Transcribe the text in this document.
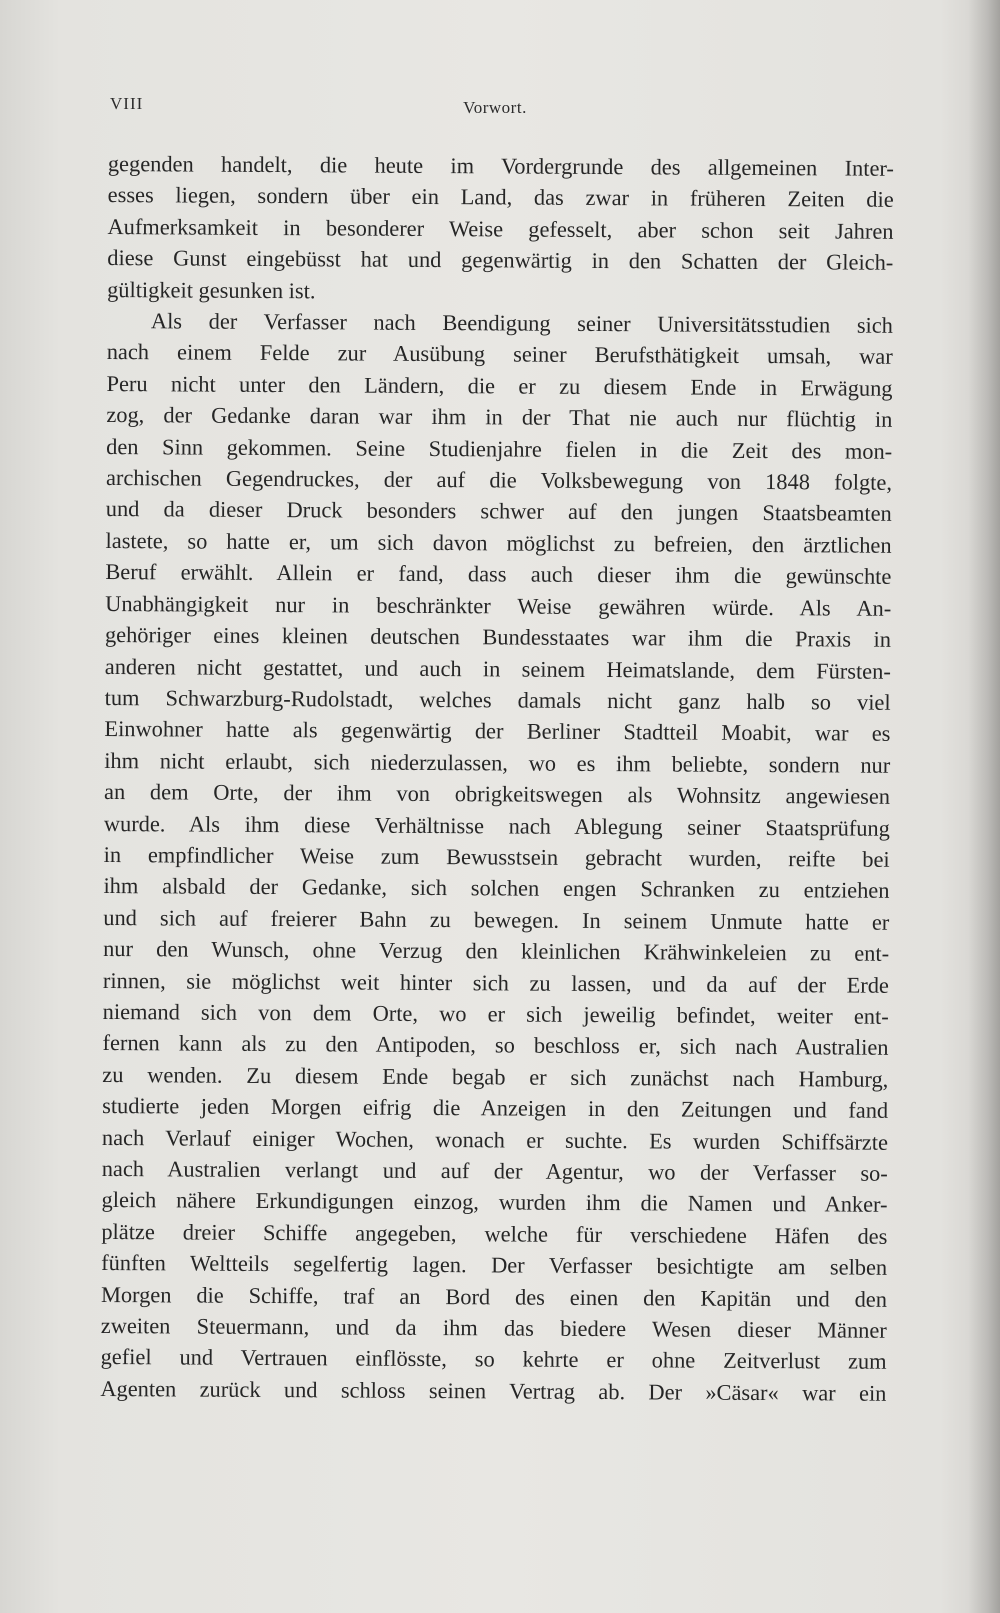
VIII	Vorwort.
gegenden handelt, die heute im Vordergrunde des allgemeinen Inter-
esses liegen, sondern über ein Land, das zwar in früheren Zeiten die
Aufmerksamkeit in besonderer Weise gefesselt, aber schon seit Jahren
diese Gunst eingebüsst hat und gegenwärtig in den Schatten der Gleich-
gültigkeit gesunken ist.
Als der Verfasser nach Beendigung seiner Universitätsstudien sich
nach einem Felde zur Ausübung seiner Berufsthätigkeit umsah, war
Peru nicht unter den Ländern, die er zu diesem Ende in Erwägung
zog, der Gedanke daran war ihm in der That nie auch nur flüchtig in
den Sinn gekommen. Seine Studienjahre fielen in die Zeit des mon-
archischen Gegendruckes, der auf die Volksbewegung von 1848 folgte,
und da dieser Druck besonders schwer auf den jungen Staatsbeamten
lastete, so hatte er, um sich davon möglichst zu befreien, den ärztlichen
Beruf erwählt. Allein er fand, dass auch dieser ihm die gewünschte
Unabhängigkeit nur in beschränkter Weise gewähren würde. Als An-
gehöriger eines kleinen deutschen Bundesstaates war ihm die Praxis in
anderen nicht gestattet, und auch in seinem Heimatslande, dem Fürsten-
tum Schwarzburg-Rudolstadt, welches damals nicht ganz halb so viel
Einwohner hatte als gegenwärtig der Berliner Stadtteil Moabit, war es
ihm nicht erlaubt, sich niederzulassen, wo es ihm beliebte, sondern nur
an dem Orte, der ihm von obrigkeitswegen als Wohnsitz angewiesen
wurde. Als ihm diese Verhältnisse nach Ablegung seiner Staatsprüfung
in empfindlicher Weise zum Bewusstsein gebracht wurden, reifte bei
ihm alsbald der Gedanke, sich solchen engen Schranken zu entziehen
und sich auf freierer Bahn zu bewegen. In seinem Unmute hatte er
nur den Wunsch, ohne Verzug den kleinlichen Krähwinkeleien zu ent-
rinnen, sie möglichst weit hinter sich zu lassen, und da auf der Erde
niemand sich von dem Orte, wo er sich jeweilig befindet, weiter ent-
fernen kann als zu den Antipoden, so beschloss er, sich nach Australien
zu wenden. Zu diesem Ende begab er sich zunächst nach Hamburg,
studierte jeden Morgen eifrig die Anzeigen in den Zeitungen und fand
nach Verlauf einiger Wochen, wonach er suchte. Es wurden Schiffsärzte
nach Australien verlangt und auf der Agentur, wo der Verfasser so-
gleich nähere Erkundigungen einzog, wurden ihm die Namen und Anker-
plätze dreier Schiffe angegeben, welche für verschiedene Häfen des
fünften Weltteils segelfertig lagen. Der Verfasser besichtigte am selben
Morgen die Schiffe, traf an Bord des einen den Kapitän und den
zweiten Steuermann, und da ihm das biedere Wesen dieser Männer
gefiel und Vertrauen einflösste, so kehrte er ohne Zeitverlust zum
Agenten zurück und schloss seinen Vertrag ab. Der »Cäsar« war ein
